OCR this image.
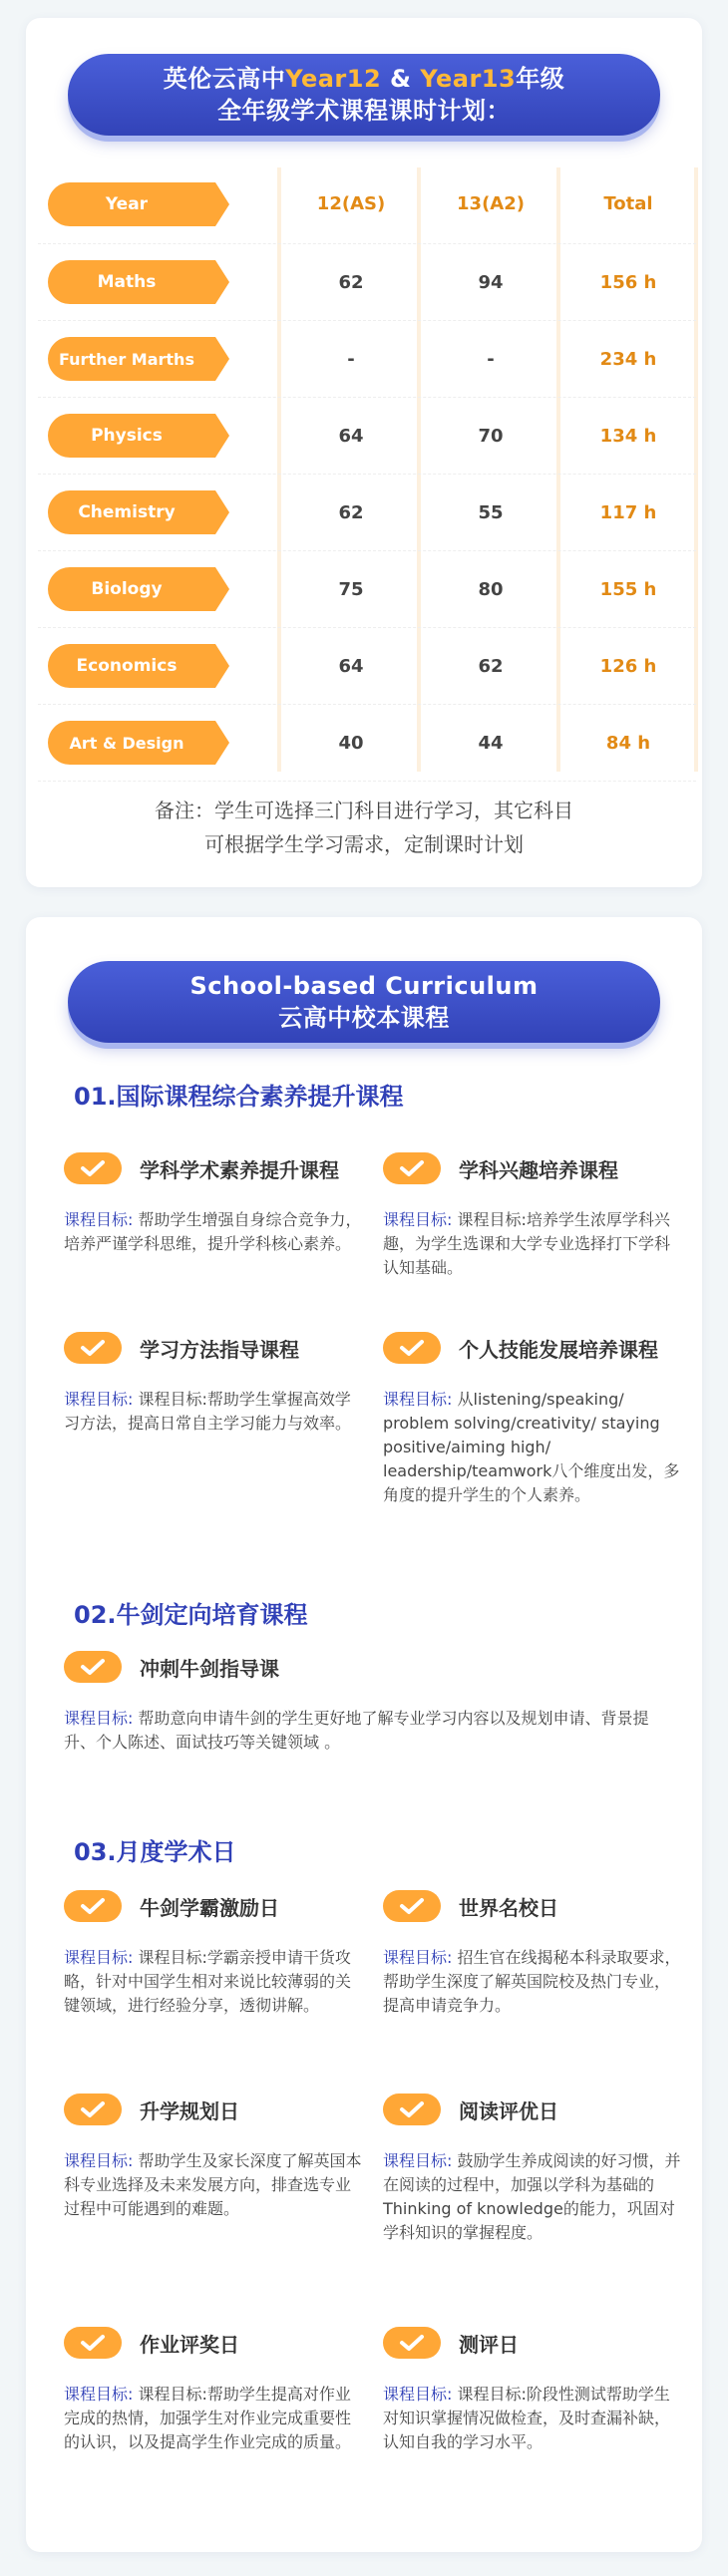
英伦云高中Year12 & Year13年级
全年级学术课程课时计划：
Year	12(AS)	13(A2)	Total
Maths	62	94	156 h
Further Marths	-	-	234 h
Physics	64	70	134 h
Chemistry	62	55	117 h
Biology	75	80	155 h
Economics	64	62	126 h
Art & Design	40	44	84 h
备注：学生可选择三门科目进行学习，其它科目
可根据学生学习需求，定制课时计划
School-based Curriculum
云高中校本课程
01.国际课程综合素养提升课程
学科学术素养提升课程
课程目标: 帮助学生增强自身综合竞争力，培养严谨学科思维，提升学科核心素养。
学科兴趣培养课程
课程目标: 课程目标:培养学生浓厚学科兴趣，为学生选课和大学专业选择打下学科认知基础。
学习方法指导课程
课程目标: 课程目标:帮助学生掌握高效学习方法，提高日常自主学习能力与效率。
个人技能发展培养课程
课程目标: 从listening/speaking/ problem solving/creativity/ staying positive/aiming high/ leadership/teamwork八个维度出发，多角度的提升学生的个人素养。
02.牛剑定向培育课程
冲刺牛剑指导课
课程目标: 帮助意向申请牛剑的学生更好地了解专业学习内容以及规划申请、背景提升、个人陈述、面试技巧等关键领域 。
03.月度学术日
牛剑学霸激励日
课程目标: 课程目标:学霸亲授申请干货攻略，针对中国学生相对来说比较薄弱的关键领域，进行经验分享，透彻讲解。
世界名校日
课程目标: 招生官在线揭秘本科录取要求，帮助学生深度了解英国院校及热门专业，提高申请竞争力。
升学规划日
课程目标: 帮助学生及家长深度了解英国本科专业选择及未来发展方向，排查选专业过程中可能遇到的难题。
阅读评优日
课程目标: 鼓励学生养成阅读的好习惯，并在阅读的过程中，加强以学科为基础的Thinking of knowledge的能力，巩固对学科知识的掌握程度。
作业评奖日
课程目标: 课程目标:帮助学生提高对作业完成的热情，加强学生对作业完成重要性的认识，以及提高学生作业完成的质量。
测评日
课程目标: 课程目标:阶段性测试帮助学生对知识掌握情况做检查，及时查漏补缺，认知自我的学习水平。
